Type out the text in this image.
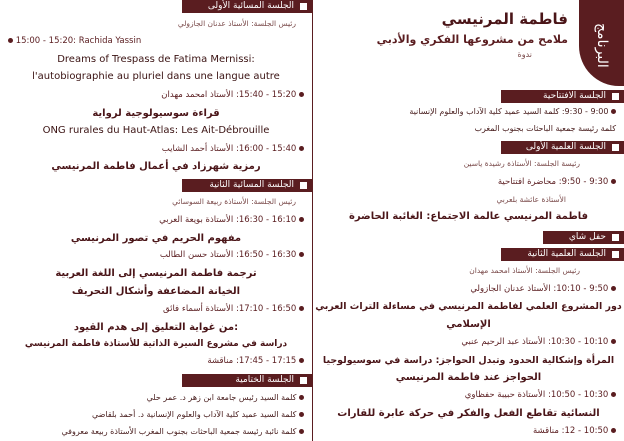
الجلسة المسائية الأولى
رئيس الجلسة: الأستاذ عدنان الجازولي
15:00 - 15:20: Rachida Yassin
Dreams of Trespass de Fatima Mernissi:
l'autobiographie au pluriel dans une langue autre
15:20 - 15:40: الأستاذ امحمد مهدان
قراءة سوسيولوجية لرواية
ONG rurales du Haut-Atlas: Les Ait-Débrouille
15:40 - 16:00: الأستاذ أحمد الشايب
رمزية شهرزاد في أعمال فاطمة المرنيسي
الجلسة المسائية الثانية
رئيس الجلسة: الأستاذة ربيعة السوسائي
16:10 - 16:30: الأستاذة بويعة العربي
مفهوم الحريم في تصور المرنيسي
16:30 - 16:50: الأستاذ حسن الطالب
ترجمة فاطمة المرنيسي إلى اللغة العربية
الخيانة المضاعفة وأشكال التحريف
16:50 - 17:10: الأستاذة أسماء فائق
من غواية التعليق إلى هدم القيود:
دراسة في مشروع السيرة الذاتية للأستاذة فاطمة المرنيسي
17:15 - 17:45: مناقشة
الجلسة الختامية
كلمة السيد رئيس جامعة ابن زهر د. عمر حلي
كلمة السيد عميد كلية الآداب والعلوم الإنسانية د. أحمد بلقاضي
كلمة نائبة رئيسة جمعية الباحثات بجنوب المغرب الأستاذة ربيعة معروفي
البرنامج
فاطمة المرنيسي
ملامح من مشروعها الفكري والأدبي
ندوة
الجلسة الافتتاحية
9:00 - 9:30: كلمة السيد عميد كلية الآداب والعلوم الإنسانية
كلمة رئيسة جمعية الباحثات بجنوب المغرب
الجلسة العلمية الأولى
رئيسة الجلسة: الأستاذة رشيدة ياسين
9:30 - 9:50: محاضرة افتتاحية
الأستاذة عائشة بلعربي
فاطمة المرنيسي عالمة الاجتماع: الغائبة الحاضرة
حفل شاي
الجلسة العلمية الثانية
رئيس الجلسة: الأستاذ امحمد مهدان
9:50 - 10:10: الأستاذ عدنان الجازولي
دور المشروع العلمي لفاطمة المرنيسي في مساءلة التراث العربي
الإسلامي
10:10 - 10:30: الأستاذ عبد الرحيم عنبي
المرأة وإشكالية الحدود وتبدل الحواجز: دراسة في سوسيولوجيا
الحواجز عند فاطمة المرنيسي
10:30 - 10:50: الأستاذة حبيبة حفظاوي
النسائية تقاطع الفعل والفكر في حركة عابرة للقارات
10:50 - 12: مناقشة
